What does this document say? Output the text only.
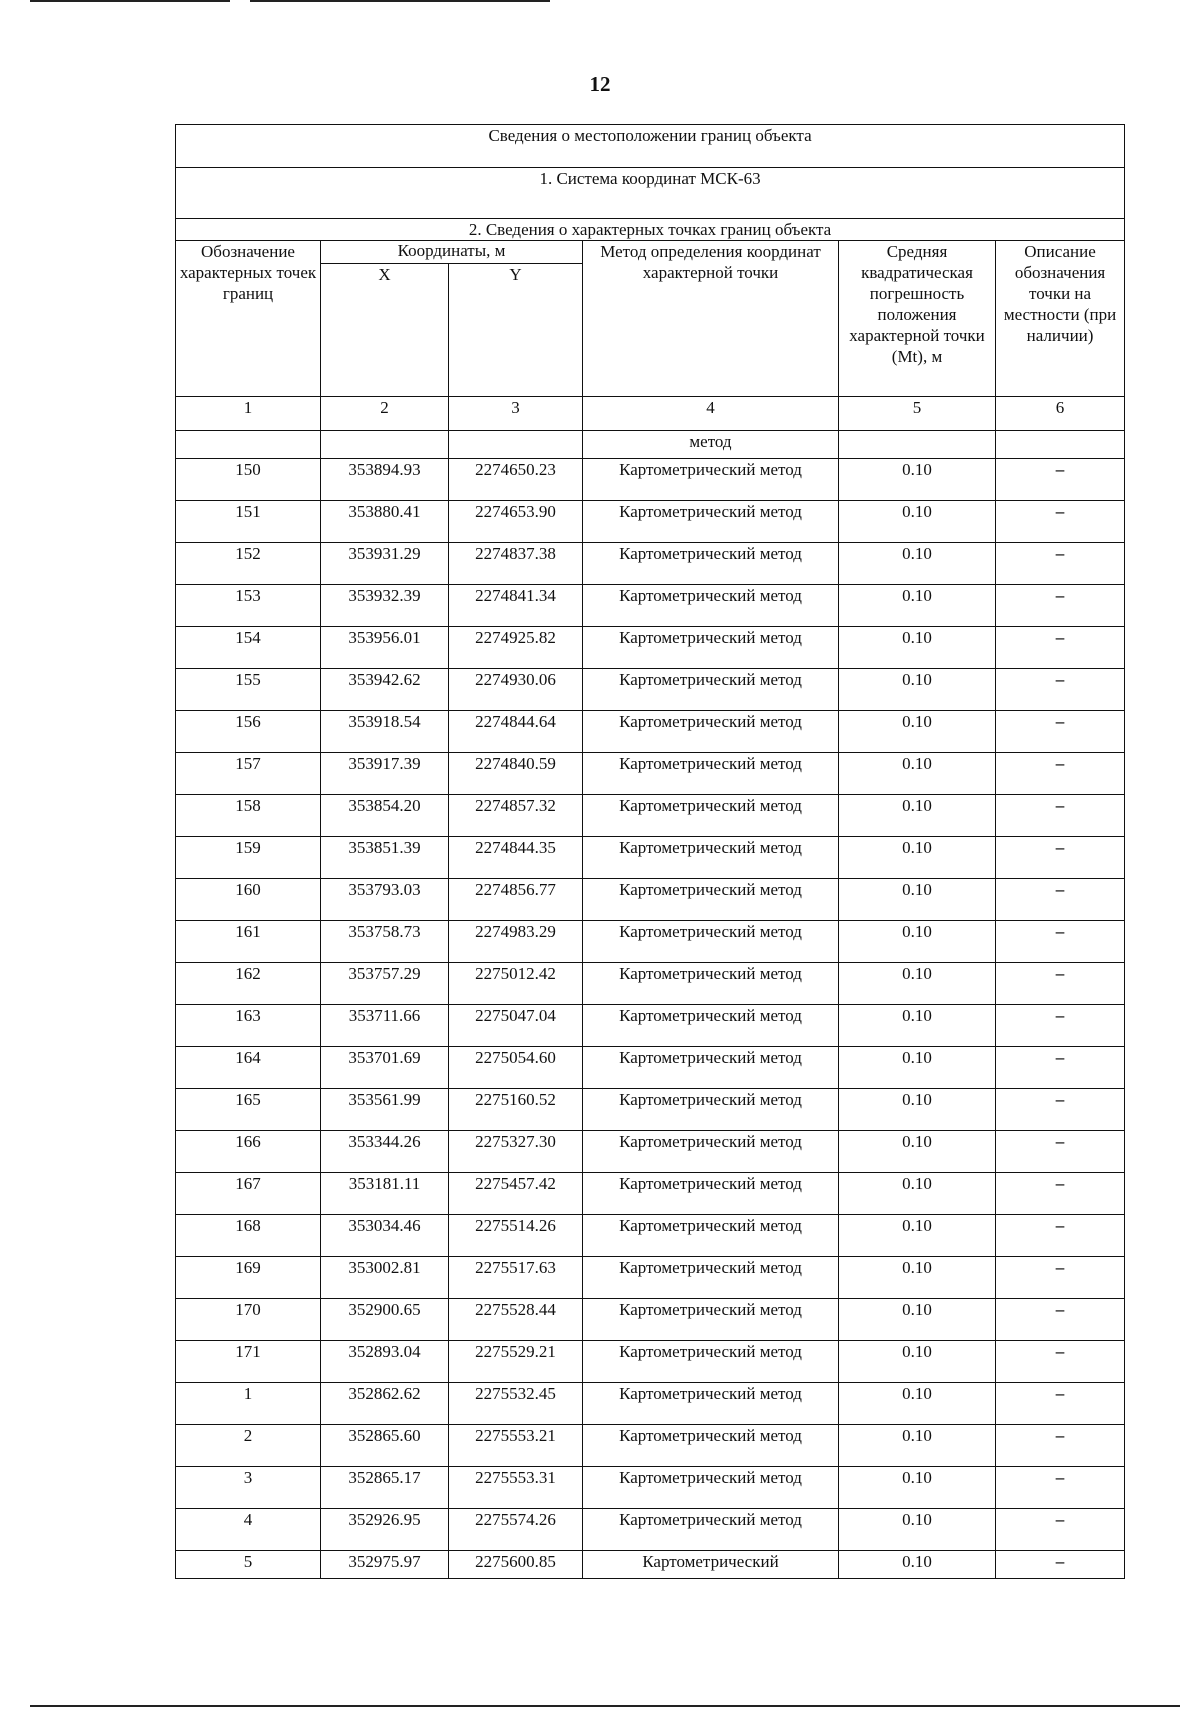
12
Сведения о местоположении границ объекта					
1. Система координат МСК-63					
2. Сведения о характерных точках границ объекта					
Обозначение характерных точек границ	Координаты, м		Метод определения координат характерной точки	Средняя квадратическая погрешность положения характерной точки (Mt), м	Описание обозначения точки на местности (при наличии)
	X	Y			
1	2	3	4	5	6
			метод		
150	353894.93	2274650.23	Картометрический метод	0.10	–
151	353880.41	2274653.90	Картометрический метод	0.10	–
152	353931.29	2274837.38	Картометрический метод	0.10	–
153	353932.39	2274841.34	Картометрический метод	0.10	–
154	353956.01	2274925.82	Картометрический метод	0.10	–
155	353942.62	2274930.06	Картометрический метод	0.10	–
156	353918.54	2274844.64	Картометрический метод	0.10	–
157	353917.39	2274840.59	Картометрический метод	0.10	–
158	353854.20	2274857.32	Картометрический метод	0.10	–
159	353851.39	2274844.35	Картометрический метод	0.10	–
160	353793.03	2274856.77	Картометрический метод	0.10	–
161	353758.73	2274983.29	Картометрический метод	0.10	–
162	353757.29	2275012.42	Картометрический метод	0.10	–
163	353711.66	2275047.04	Картометрический метод	0.10	–
164	353701.69	2275054.60	Картометрический метод	0.10	–
165	353561.99	2275160.52	Картометрический метод	0.10	–
166	353344.26	2275327.30	Картометрический метод	0.10	–
167	353181.11	2275457.42	Картометрический метод	0.10	–
168	353034.46	2275514.26	Картометрический метод	0.10	–
169	353002.81	2275517.63	Картометрический метод	0.10	–
170	352900.65	2275528.44	Картометрический метод	0.10	–
171	352893.04	2275529.21	Картометрический метод	0.10	–
1	352862.62	2275532.45	Картометрический метод	0.10	–
2	352865.60	2275553.21	Картометрический метод	0.10	–
3	352865.17	2275553.31	Картометрический метод	0.10	–
4	352926.95	2275574.26	Картометрический метод	0.10	–
5	352975.97	2275600.85	Картометрический	0.10	–
